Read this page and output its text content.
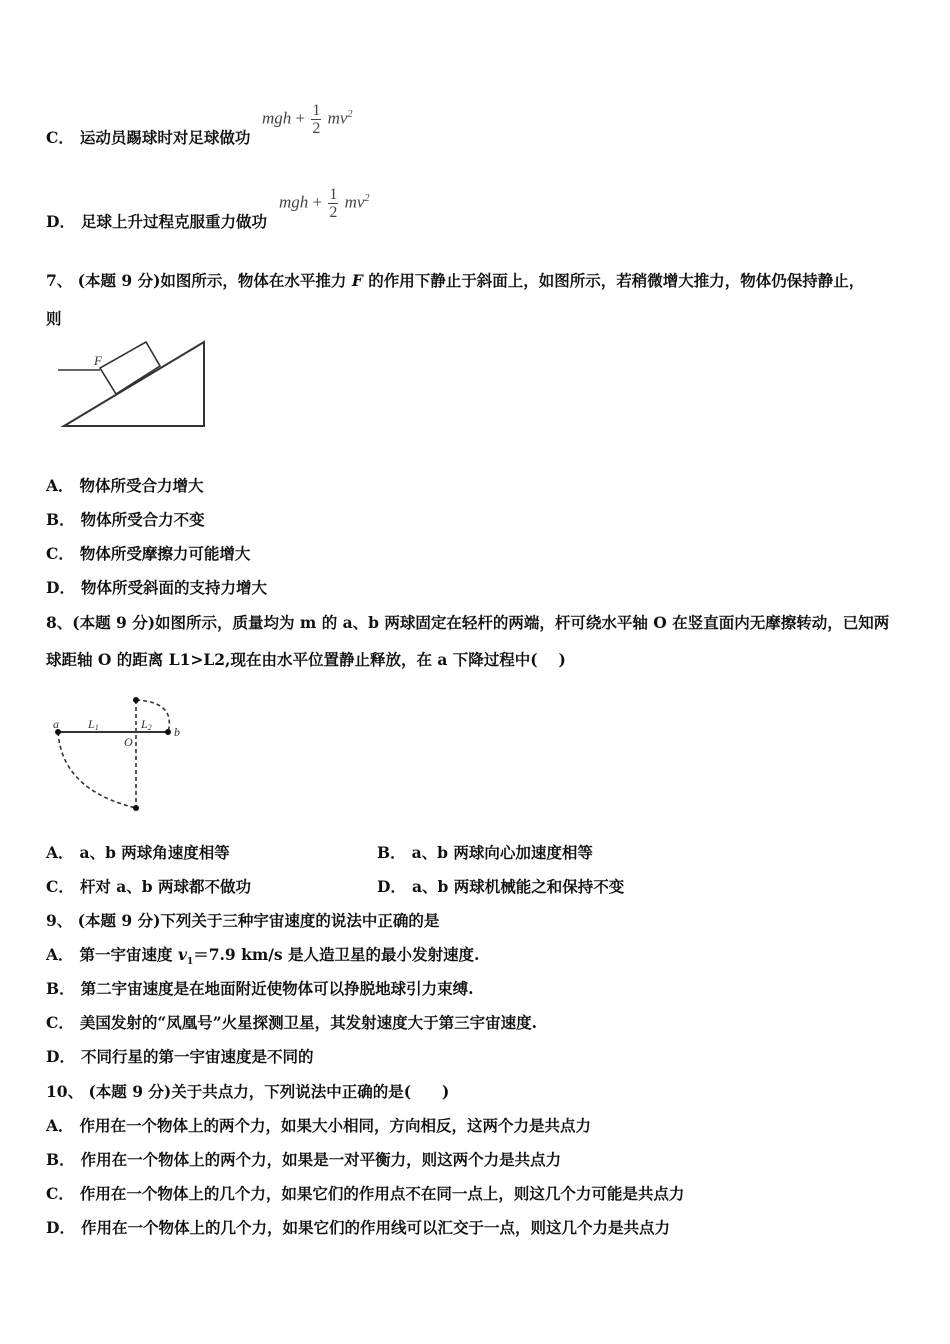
C． 运动员踢球时对足球做功
mgh + $\frac{1}{2} mv^2$
D． 足球上升过程克服重力做功
mgh + $\frac{1}{2} mv^2$
7、 (本题 9 分)如图所示，物体在水平推力 F 的作用下静止于斜面上，如图所示，若稍微增大推力，物体仍保持静止，
则
F
A． 物体所受合力增大
B． 物体所受合力不变
C． 物体所受摩擦力可能增大
D． 物体所受斜面的支持力增大
8、(本题 9 分)如图所示，质量均为 m 的 a、b 两球固定在轻杆的两端，杆可绕水平轴 O 在竖直面内无摩擦转动，已知两
球距轴 O 的距离 L1>L2,现在由水平位置静止释放，在 a 下降过程中(　 )
a
b
O
L1	L2
A． a、b 两球角速度相等	B． a、b 两球向心加速度相等
C． 杆对 a、b 两球都不做功	D． a、b 两球机械能之和保持不变
9、 (本题 9 分)下列关于三种宇宙速度的说法中正确的是
A． 第一宇宙速度 $v_1=7.9$ km/s 是人造卫星的最小发射速度.
B． 第二宇宙速度是在地面附近使物体可以挣脱地球引力束缚.
C． 美国发射的“凤凰号”火星探测卫星，其发射速度大于第三宇宙速度.
D． 不同行星的第一宇宙速度是不同的
10、 (本题 9 分)关于共点力，下列说法中正确的是(　　)
A． 作用在一个物体上的两个力，如果大小相同，方向相反，这两个力是共点力
B． 作用在一个物体上的两个力，如果是一对平衡力，则这两个力是共点力
C． 作用在一个物体上的几个力，如果它们的作用点不在同一点上，则这几个力可能是共点力
D． 作用在一个物体上的几个力，如果它们的作用线可以汇交于一点，则这几个力是共点力
